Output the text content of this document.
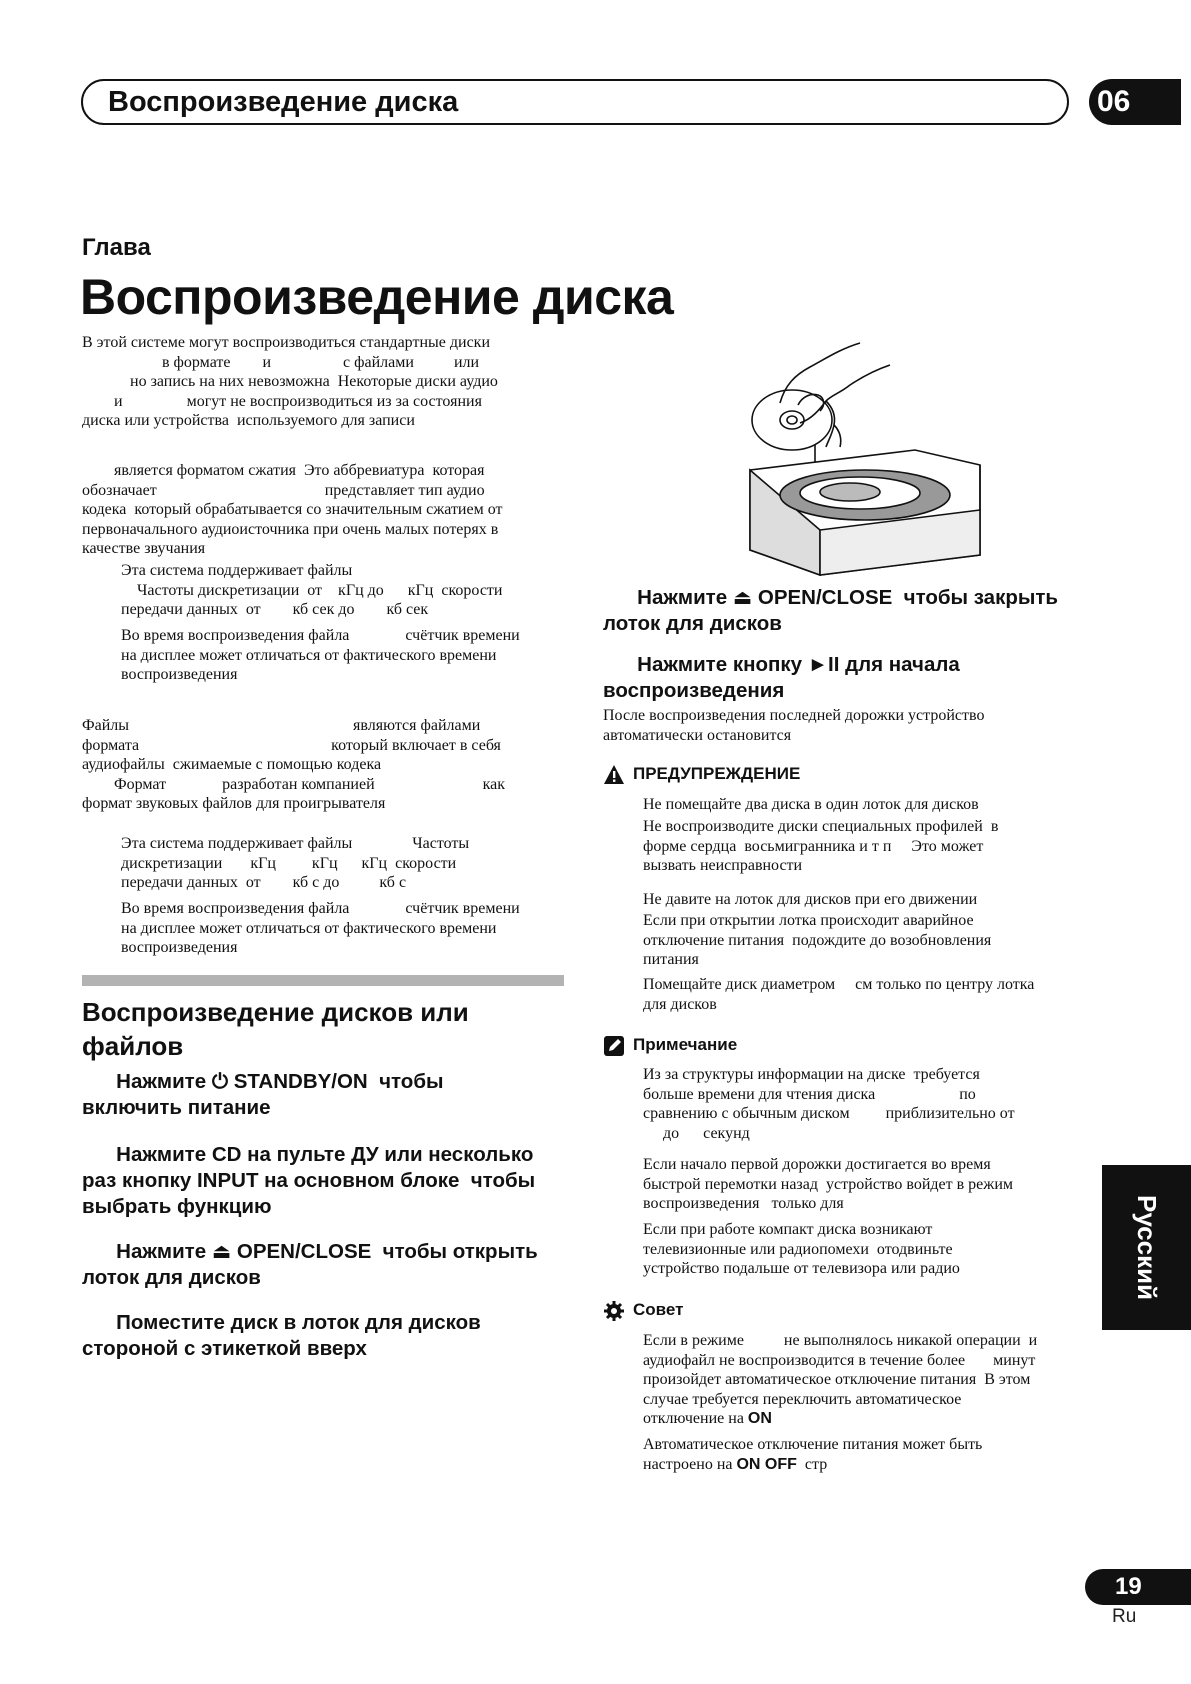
Воспроизведение диска	06
Глава
Воспроизведение диска
Воспроизведение дисков или файлов
Русский
19
Ru
В этой системе могут воспроизводиться стандартные диски
в формате        и                  с файлами          или
но запись на них невозможна  Некоторые диски аудио
и                могут не воспроизводиться из за состояния
диска или устройства  используемого для записи
является форматом сжатия  Это аббревиатура  которая
обозначает                                          представляет тип аудио
кодека  который обрабатывается со значительным сжатием от
первоначального аудиоисточника при очень малых потерях в
качестве звучания
Эта система поддерживает файлы
Частоты дискретизации  от    кГц до      кГц  скорости
передачи данных  от        кб сек до        кб сек
Во время воспроизведения файла              счётчик времени
на дисплее может отличаться от фактического времени
воспроизведения
Файлы                                                        являются файлами
формата                                                который включает в себя
аудиофайлы  сжимаемые с помощью кодека
Формат              разработан компанией                           как
формат звуковых файлов для проигрывателя
Эта система поддерживает файлы               Частоты
дискретизации       кГц         кГц      кГц  скорости
передачи данных  от        кб с до          кб с
Во время воспроизведения файла              счётчик времени
на дисплее может отличаться от фактического времени
воспроизведения
Нажмите ⏻ STANDBY/ON  чтобы
включить питание
Нажмите CD на пульте ДУ или несколько
раз кнопку INPUT на основном блоке  чтобы
выбрать функцию
Нажмите ⏏ OPEN/CLOSE  чтобы открыть
лоток для дисков
Поместите диск в лоток для дисков
стороной с этикеткой вверх
Нажмите ⏏ OPEN/CLOSE  чтобы закрыть
лоток для дисков
Нажмите кнопку ►II для начала
воспроизведения
После воспроизведения последней дорожки устройство
автоматически остановится
ПРЕДУПРЕЖДЕНИЕ
Примечание
Совет
Не помещайте два диска в один лоток для дисков
Не воспроизводите диски специальных профилей  в
форме сердца  восьмигранника и т п     Это может
вызвать неисправности
Не давите на лоток для дисков при его движении
Если при открытии лотка происходит аварийное
отключение питания  подождите до возобновления
питания
Помещайте диск диаметром     см только по центру лотка
для дисков
Из за структуры информации на диске  требуется
больше времени для чтения диска                     по
сравнению с обычным диском         приблизительно от
до      секунд
Если начало первой дорожки достигается во время
быстрой перемотки назад  устройство войдет в режим
воспроизведения   только для
Если при работе компакт диска возникают
телевизионные или радиопомехи  отодвиньте
устройство подальше от телевизора или радио
Если в режиме          не выполнялось никакой операции  и
аудиофайл не воспроизводится в течение более       минут
произойдет автоматическое отключение питания  В этом
случае требуется переключить автоматическое
отключение на ON
Автоматическое отключение питания может быть
настроено на ON OFF  стр
